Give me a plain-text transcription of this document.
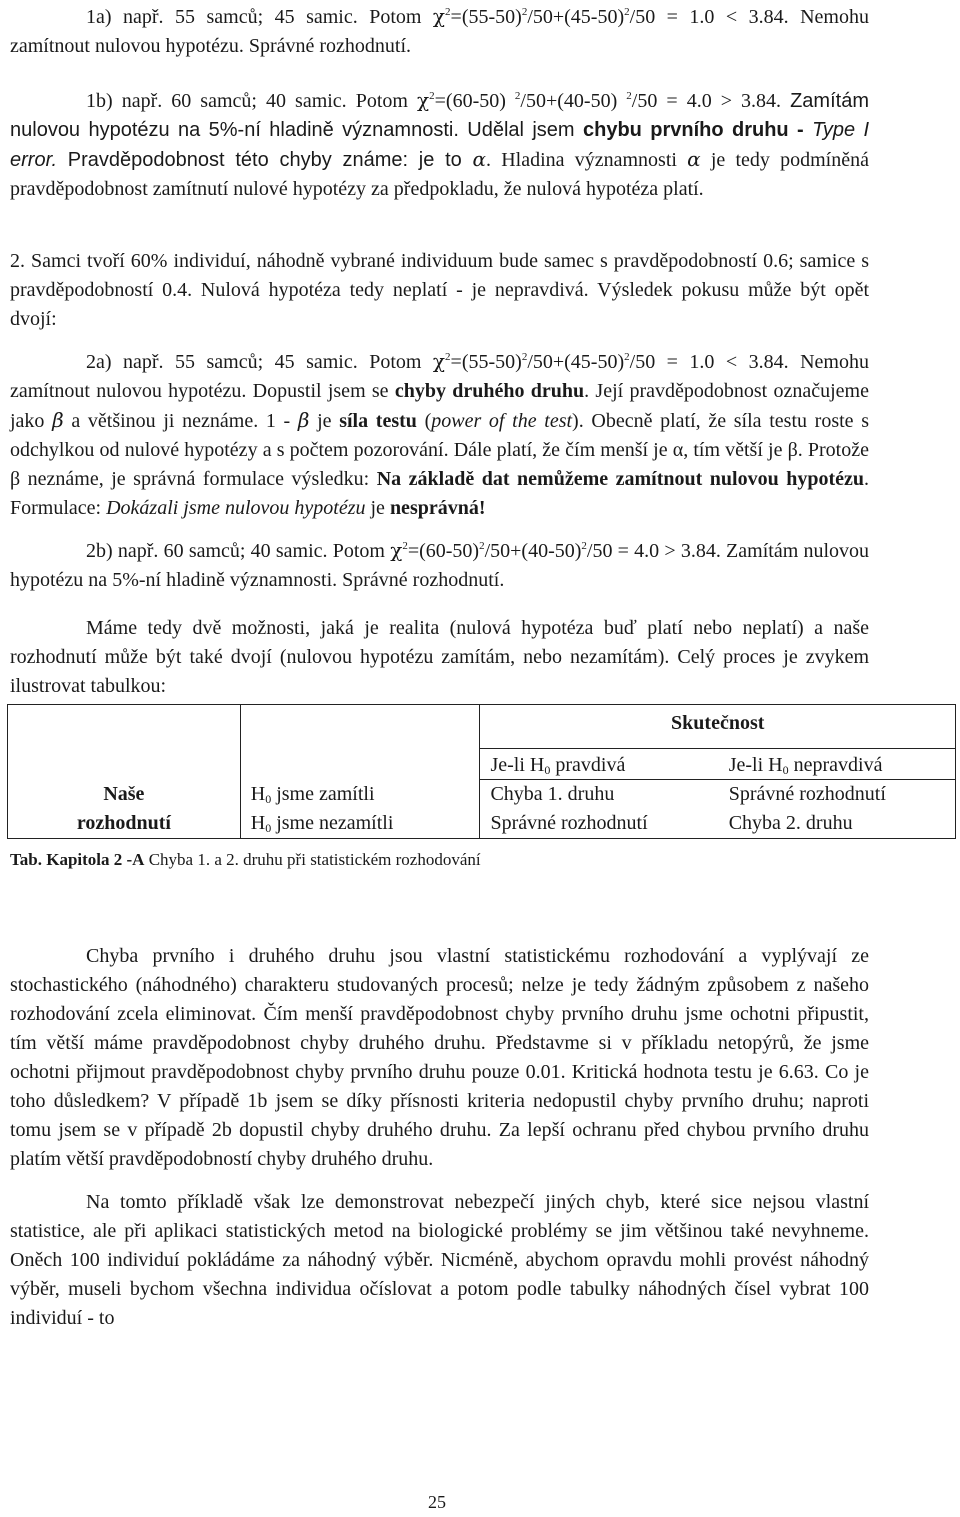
1a) např. 55 samců; 45 samic. Potom $\chi^2=(55-50)^2/50+(45-50)^2/50 = 1.0 < 3.84$. Nemohu zamítnout nulovou hypotézu. Správné rozhodnutí.

1b) např. 60 samců; 40 samic. Potom $\chi^2=(60-50)$ $^2$/50+(40-50) $^2$/50 = 4.0 > 3.84. Zamítám nulovou hypotézu na 5%-ní hladině významnosti. Udělal jsem chybu prvního druhu - Type I error. Pravděpodobnost této chyby známe: je to α. Hladina významnosti α je tedy podmíněná pravděpodobnost zamítnutí nulové hypotézy za předpokladu, že nulová hypotéza platí.

2. Samci tvoří 60% individuí, náhodně vybrané individuum bude samec s pravděpodobností 0.6; samice s pravděpodobností 0.4. Nulová hypotéza tedy neplatí - je nepravdivá. Výsledek pokusu může být opět dvojí:

2a) např. 55 samců; 45 samic. Potom $\chi^2=(55-50)^2/50+(45-50)^2/50 = 1.0 < 3.84$. Nemohu zamítnout nulovou hypotézu. Dopustil jsem se chyby druhého druhu. Její pravděpodobnost označujeme jako β a většinou ji neznáme. 1 - β je síla testu (power of the test). Obecně platí, že síla testu roste s odchylkou od nulové hypotézy a s počtem pozorování. Dále platí, že čím menší je α, tím větší je β. Protože β neznáme, je správná formulace výsledku: Na základě dat nemůžeme zamítnout nulovou hypotézu. Formulace: Dokázali jsme nulovou hypotézu je nesprávná!

2b) např. 60 samců; 40 samic. Potom $\chi^2=(60-50)^2/50+(40-50)^2/50 = 4.0 > 3.84$. Zamítám nulovou hypotézu na 5%-ní hladině významnosti. Správné rozhodnutí.

Máme tedy dvě možnosti, jaká je realita (nulová hypotéza buď platí nebo neplatí) a naše rozhodnutí může být také dvojí (nulovou hypotézu zamítám, nebo nezamítám). Celý proces je zvykem ilustrovat tabulkou:

		Skutečnost	
		Je-li $H_0$ pravdivá	Je-li $H_0$ nepravdivá
Naše	$H_0$ jsme zamítli	Chyba 1. druhu	Správné rozhodnutí
rozhodnutí	$H_0$ jsme nezamítli	Správné rozhodnutí	Chyba 2. druhu

Tab. Kapitola 2 -A Chyba 1. a 2. druhu při statistickém rozhodování

Chyba prvního i druhého druhu jsou vlastní statistickému rozhodování a vyplývají ze stochastického (náhodného) charakteru studovaných procesů; nelze je tedy žádným způsobem z našeho rozhodování zcela eliminovat. Čím menší pravděpodobnost chyby prvního druhu jsme ochotni připustit, tím větší máme pravděpodobnost chyby druhého druhu. Představme si v příkladu netopýrů, že jsme ochotni přijmout pravděpodobnost chyby prvního druhu pouze 0.01. Kritická hodnota testu je 6.63. Co je toho důsledkem? V případě 1b jsem se díky přísnosti kriteria nedopustil chyby prvního druhu; naproti tomu jsem se v případě 2b dopustil chyby druhého druhu. Za lepší ochranu před chybou prvního druhu platím větší pravděpodobností chyby druhého druhu.

Na tomto příkladě však lze demonstrovat nebezpečí jiných chyb, které sice nejsou vlastní statistice, ale při aplikaci statistických metod na biologické problémy se jim většinou také nevyhneme. Oněch 100 individuí pokládáme za náhodný výběr. Nicméně, abychom opravdu mohli provést náhodný výběr, museli bychom všechna individua očíslovat a potom podle tabulky náhodných čísel vybrat 100 individuí - to

25
